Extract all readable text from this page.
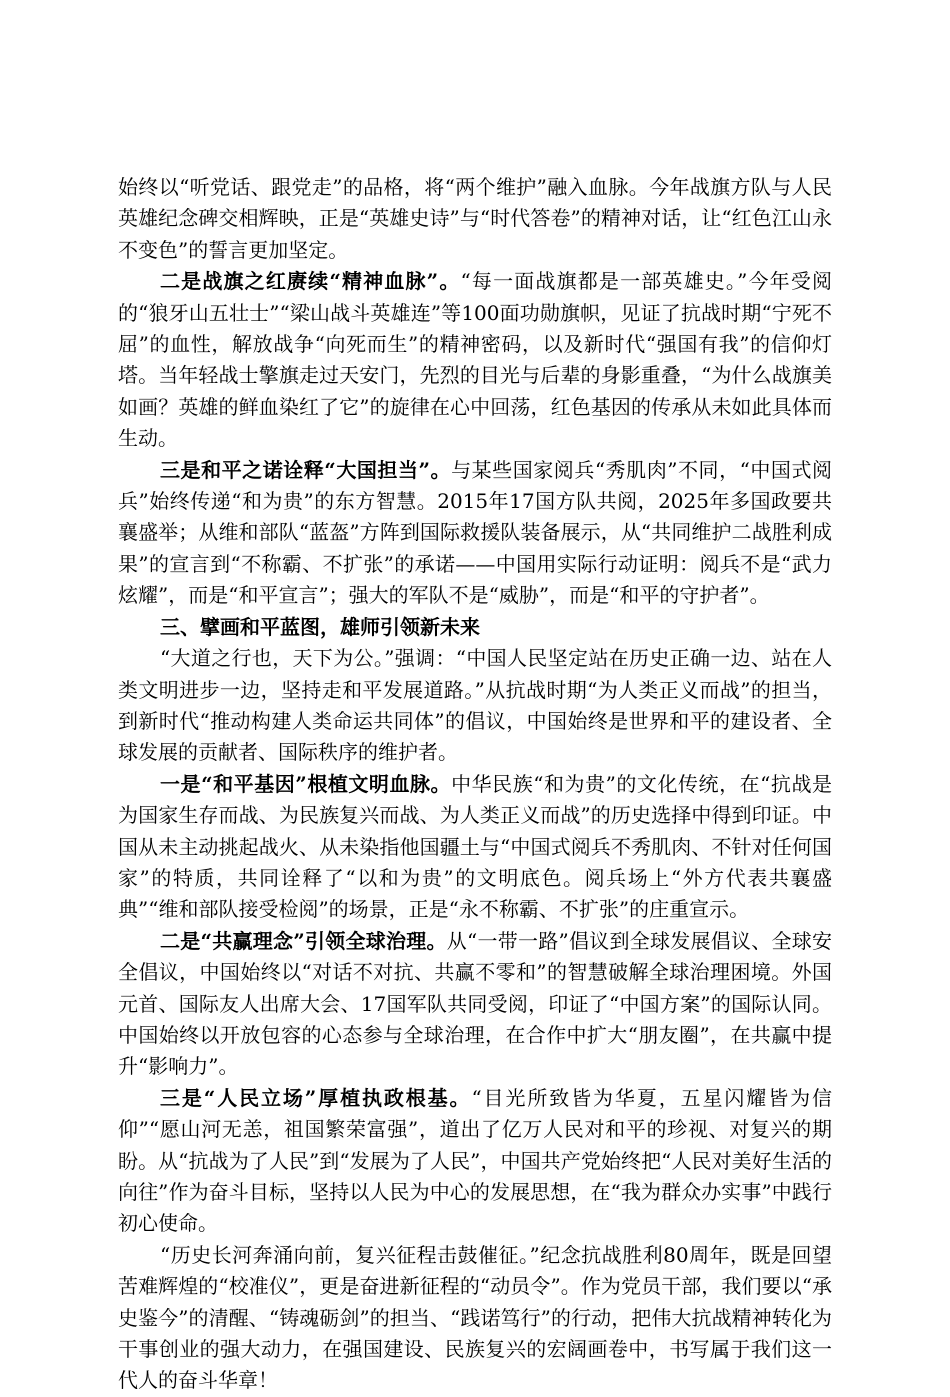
始终以“听党话、跟党走”的品格，将“两个维护”融入血脉。今年战旗方队与人民英雄纪念碑交相辉映，正是“英雄史诗”与“时代答卷”的精神对话，让“红色江山永不变色”的誓言更加坚定。

二是战旗之红赓续“精神血脉”。“每一面战旗都是一部英雄史。”今年受阅的“狼牙山五壮士”“梁山战斗英雄连”等100面功勋旗帜，见证了抗战时期“宁死不屈”的血性，解放战争“向死而生”的精神密码，以及新时代“强国有我”的信仰灯塔。当年轻战士擎旗走过天安门，先烈的目光与后辈的身影重叠，“为什么战旗美如画？英雄的鲜血染红了它”的旋律在心中回荡，红色基因的传承从未如此具体而生动。

三是和平之诺诠释“大国担当”。与某些国家阅兵“秀肌肉”不同，“中国式阅兵”始终传递“和为贵”的东方智慧。2015年17国方队共阅，2025年多国政要共襄盛举；从维和部队“蓝盔”方阵到国际救援队装备展示，从“共同维护二战胜利成果”的宣言到“不称霸、不扩张”的承诺——中国用实际行动证明：阅兵不是“武力炫耀”，而是“和平宣言”；强大的军队不是“威胁”，而是“和平的守护者”。

三、擘画和平蓝图，雄师引领新未来

“大道之行也，天下为公。”强调：“中国人民坚定站在历史正确一边、站在人类文明进步一边，坚持走和平发展道路。”从抗战时期“为人类正义而战”的担当，到新时代“推动构建人类命运共同体”的倡议，中国始终是世界和平的建设者、全球发展的贡献者、国际秩序的维护者。

一是“和平基因”根植文明血脉。中华民族“和为贵”的文化传统，在“抗战是为国家生存而战、为民族复兴而战、为人类正义而战”的历史选择中得到印证。中国从未主动挑起战火、从未染指他国疆土与“中国式阅兵不秀肌肉、不针对任何国家”的特质，共同诠释了“以和为贵”的文明底色。阅兵场上“外方代表共襄盛典”“维和部队接受检阅”的场景，正是“永不称霸、不扩张”的庄重宣示。

二是“共赢理念”引领全球治理。从“一带一路”倡议到全球发展倡议、全球安全倡议，中国始终以“对话不对抗、共赢不零和”的智慧破解全球治理困境。外国元首、国际友人出席大会、17国军队共同受阅，印证了“中国方案”的国际认同。中国始终以开放包容的心态参与全球治理，在合作中扩大“朋友圈”，在共赢中提升“影响力”。

三是“人民立场”厚植执政根基。“目光所致皆为华夏，五星闪耀皆为信仰”“愿山河无恙，祖国繁荣富强”，道出了亿万人民对和平的珍视、对复兴的期盼。从“抗战为了人民”到“发展为了人民”，中国共产党始终把“人民对美好生活的向往”作为奋斗目标，坚持以人民为中心的发展思想，在“我为群众办实事”中践行初心使命。

“历史长河奔涌向前，复兴征程击鼓催征。”纪念抗战胜利80周年，既是回望苦难辉煌的“校准仪”，更是奋进新征程的“动员令”。作为党员干部，我们要以“承史鉴今”的清醒、“铸魂砺剑”的担当、“践诺笃行”的行动，把伟大抗战精神转化为干事创业的强大动力，在强国建设、民族复兴的宏阔画卷中，书写属于我们这一代人的奋斗华章！
